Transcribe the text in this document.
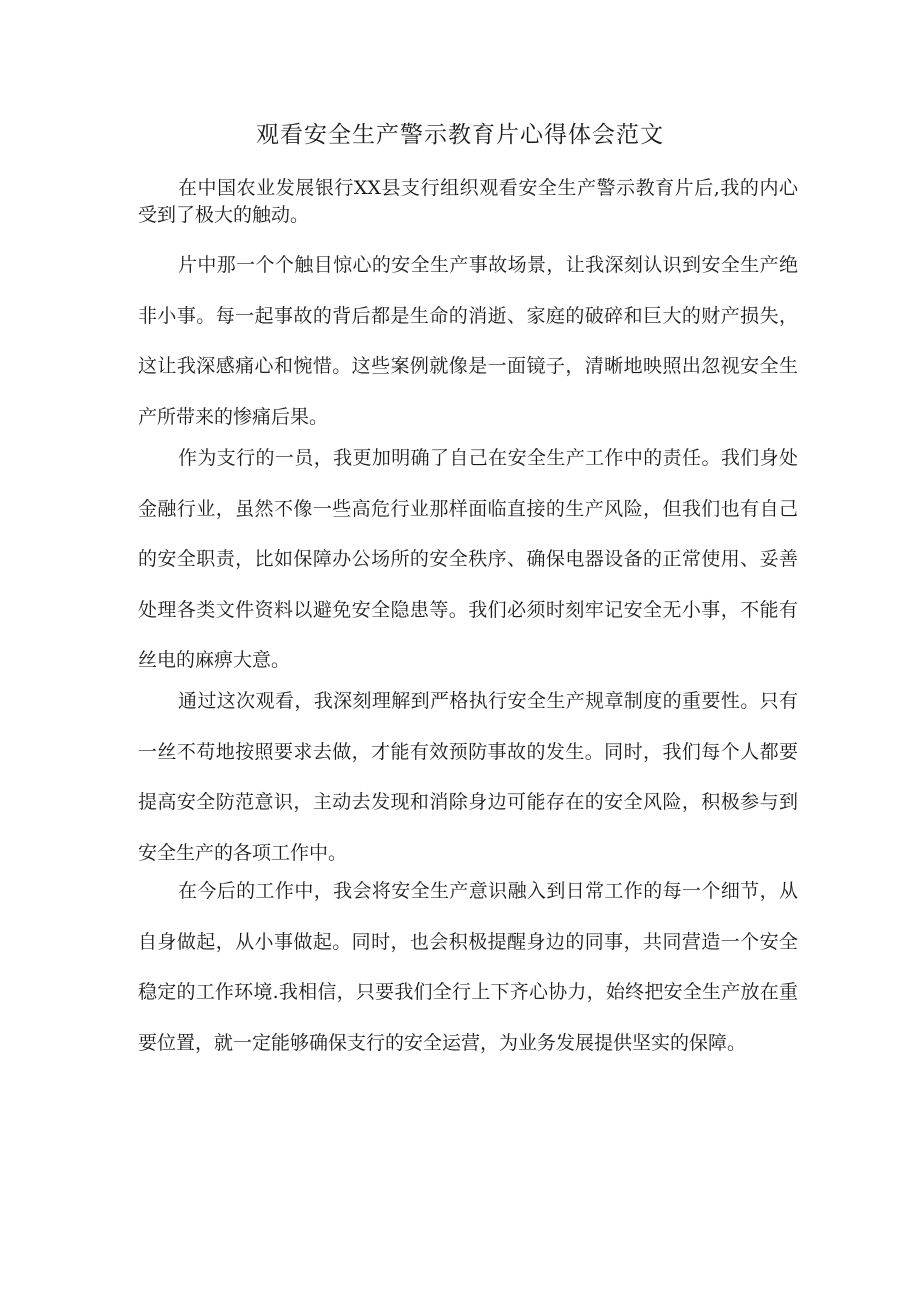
观看安全生产警示教育片心得体会范文

在中国农业发展银行XX县支行组织观看安全生产警示教育片后,我的内心受到了极大的触动。

片中那一个个触目惊心的安全生产事故场景，让我深刻认识到安全生产绝非小事。每一起事故的背后都是生命的消逝、家庭的破碎和巨大的财产损失，这让我深感痛心和惋惜。这些案例就像是一面镜子，清晰地映照出忽视安全生产所带来的惨痛后果。

作为支行的一员，我更加明确了自己在安全生产工作中的责任。我们身处金融行业，虽然不像一些高危行业那样面临直接的生产风险，但我们也有自己的安全职责，比如保障办公场所的安全秩序、确保电器设备的正常使用、妥善处理各类文件资料以避免安全隐患等。我们必须时刻牢记安全无小事，不能有丝电的麻痹大意。

通过这次观看，我深刻理解到严格执行安全生产规章制度的重要性。只有一丝不苟地按照要求去做，才能有效预防事故的发生。同时，我们每个人都要提高安全防范意识，主动去发现和消除身边可能存在的安全风险，积极参与到安全生产的各项工作中。

在今后的工作中，我会将安全生产意识融入到日常工作的每一个细节，从自身做起，从小事做起。同时，也会积极提醒身边的同事，共同营造一个安全稳定的工作环境.我相信，只要我们全行上下齐心协力，始终把安全生产放在重要位置，就一定能够确保支行的安全运营，为业务发展提供坚实的保障。
